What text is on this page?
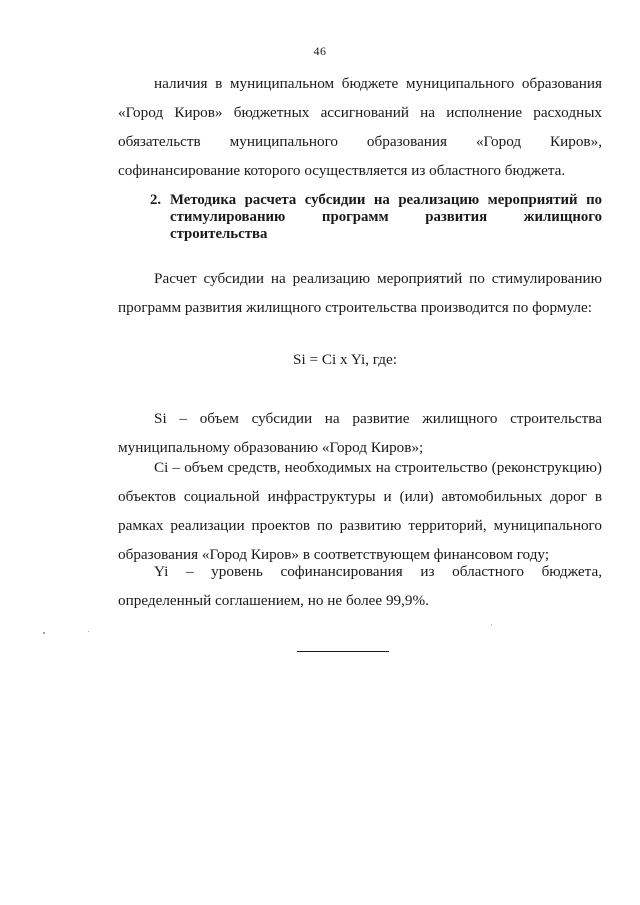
46
наличия в муниципальном бюджете муниципального образования «Город Киров» бюджетных ассигнований на исполнение расходных обязательств муниципального образования «Город Киров», софинансирование которого осуществляется из областного бюджета.
2. Методика расчета субсидии на реализацию мероприятий по стимулированию программ развития жилищного строительства
Расчет субсидии на реализацию мероприятий по стимулированию программ развития жилищного строительства производится по формуле:
Si = Ci x Yi, где:
Si – объем субсидии на развитие жилищного строительства муниципальному образованию «Город Киров»;
Ci – объем средств, необходимых на строительство (реконструкцию) объектов социальной инфраструктуры и (или) автомобильных дорог в рамках реализации проектов по развитию территорий, муниципального образования «Город Киров» в соответствующем финансовом году;
Yi – уровень софинансирования из областного бюджета, определенный соглашением, но не более 99,9%.
